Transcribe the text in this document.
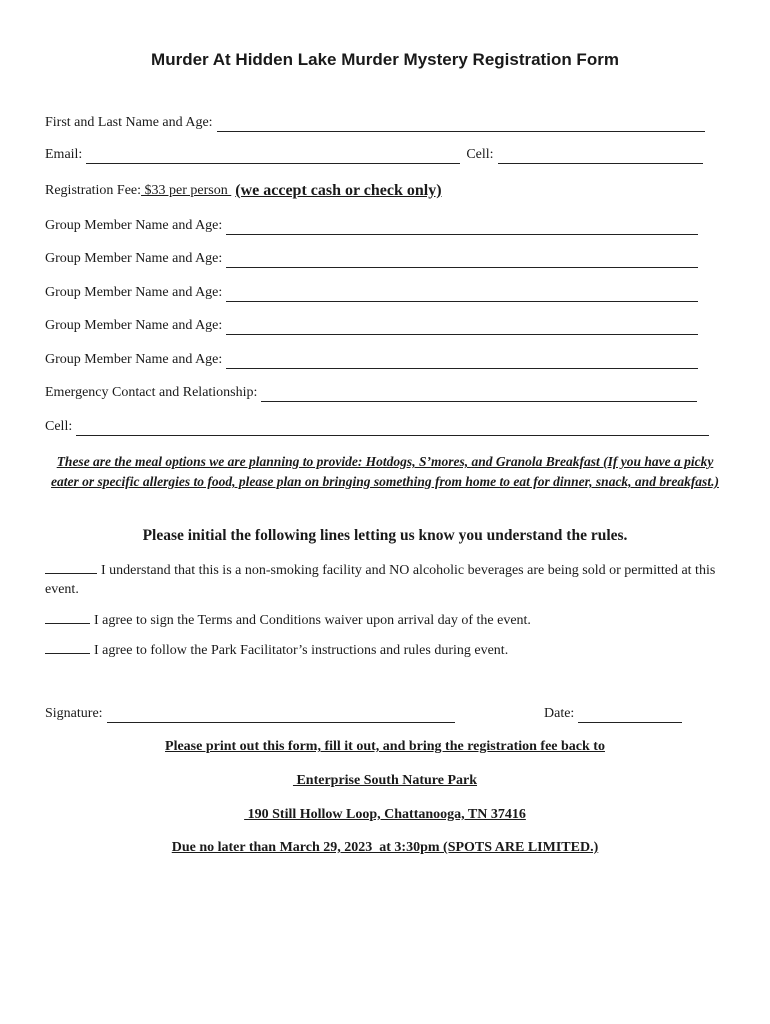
Murder At Hidden Lake Murder Mystery Registration Form
First and Last Name and Age:
Email:	Cell:
Registration Fee: $33 per person (we accept cash or check only)
Group Member Name and Age:
Group Member Name and Age:
Group Member Name and Age:
Group Member Name and Age:
Group Member Name and Age:
Emergency Contact and Relationship:
Cell:
These are the meal options we are planning to provide: Hotdogs, S’mores, and Granola Breakfast (If you have a picky eater or specific allergies to food, please plan on bringing something from home to eat for dinner, snack, and breakfast.)
Please initial the following lines letting us know you understand the rules.
I understand that this is a non-smoking facility and NO alcoholic beverages are being sold or permitted at this event.
I agree to sign the Terms and Conditions waiver upon arrival day of the event.
I agree to follow the Park Facilitator’s instructions and rules during event.
Signature:	Date:
Please print out this form, fill it out, and bring the registration fee back to
Enterprise South Nature Park
190 Still Hollow Loop, Chattanooga, TN 37416
Due no later than March 29, 2023  at 3:30pm (SPOTS ARE LIMITED.)
